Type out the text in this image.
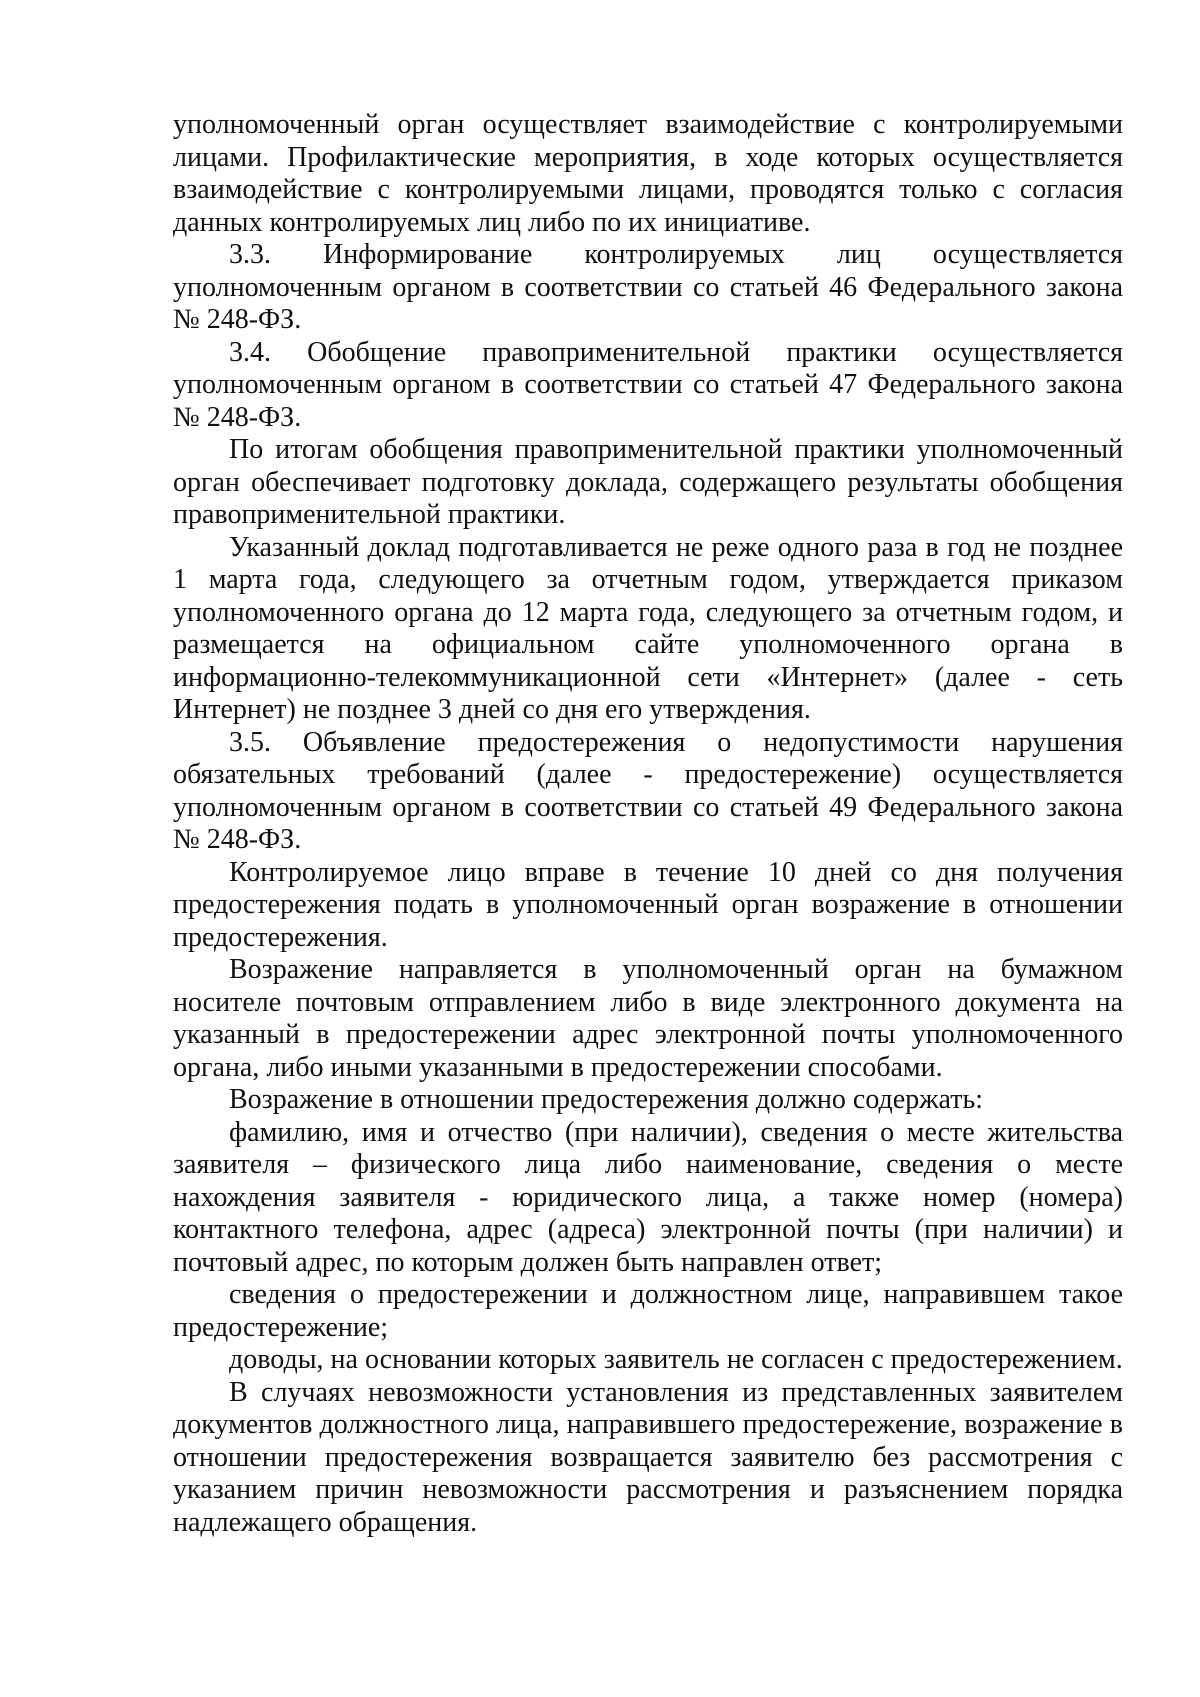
уполномоченный орган осуществляет взаимодействие с контролируемыми лицами. Профилактические мероприятия, в ходе которых осуществляется взаимодействие с контролируемыми лицами, проводятся только с согласия данных контролируемых лиц либо по их инициативе.

3.3. Информирование контролируемых лиц осуществляется уполномоченным органом в соответствии со статьей 46 Федерального закона № 248-ФЗ.

3.4. Обобщение правоприменительной практики осуществляется уполномоченным органом в соответствии со статьей 47 Федерального закона № 248-ФЗ.

По итогам обобщения правоприменительной практики уполномоченный орган обеспечивает подготовку доклада, содержащего результаты обобщения правоприменительной практики.

Указанный доклад подготавливается не реже одного раза в год не позднее 1 марта года, следующего за отчетным годом, утверждается приказом уполномоченного органа до 12 марта года, следующего за отчетным годом, и размещается на официальном сайте уполномоченного органа в информационно-телекоммуникационной сети «Интернет» (далее - сеть Интернет) не позднее 3 дней со дня его утверждения.

3.5. Объявление предостережения о недопустимости нарушения обязательных требований (далее - предостережение) осуществляется уполномоченным органом в соответствии со статьей 49 Федерального закона № 248-ФЗ.

Контролируемое лицо вправе в течение 10 дней со дня получения предостережения подать в уполномоченный орган возражение в отношении предостережения.

Возражение направляется в уполномоченный орган на бумажном носителе почтовым отправлением либо в виде электронного документа на указанный в предостережении адрес электронной почты уполномоченного органа, либо иными указанными в предостережении способами.

Возражение в отношении предостережения должно содержать:

фамилию, имя и отчество (при наличии), сведения о месте жительства заявителя – физического лица либо наименование, сведения о месте нахождения заявителя - юридического лица, а также номер (номера) контактного телефона, адрес (адреса) электронной почты (при наличии) и почтовый адрес, по которым должен быть направлен ответ;

сведения о предостережении и должностном лице, направившем такое предостережение;

доводы, на основании которых заявитель не согласен с предостережением.

В случаях невозможности установления из представленных заявителем документов должностного лица, направившего предостережение, возражение в отношении предостережения возвращается заявителю без рассмотрения с указанием причин невозможности рассмотрения и разъяснением порядка надлежащего обращения.
